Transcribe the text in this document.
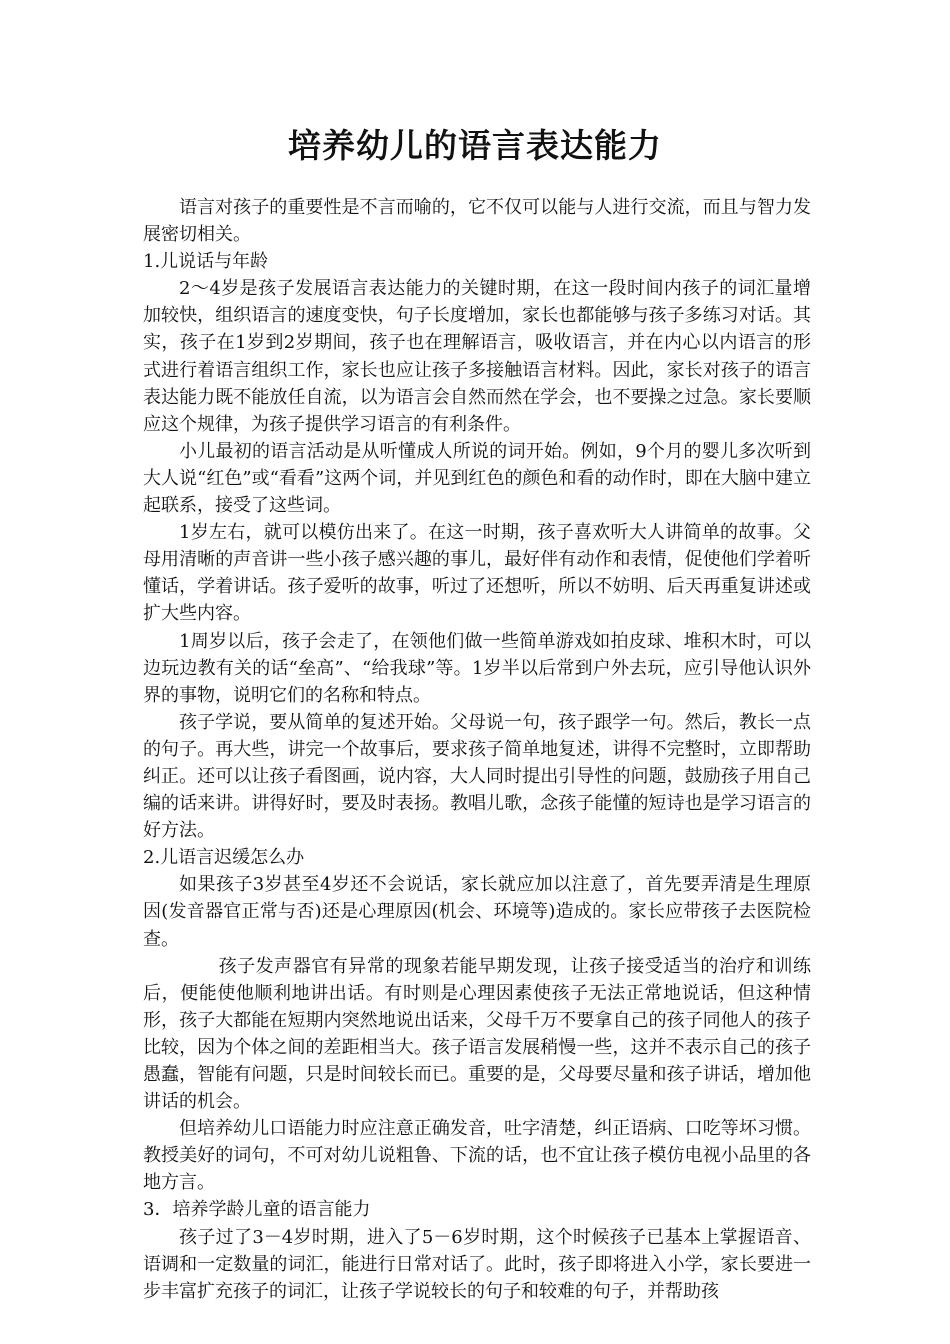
培养幼儿的语言表达能力

语言对孩子的重要性是不言而喻的，它不仅可以能与人进行交流，而且与智力发展密切相关。

1.儿说话与年龄

2～4岁是孩子发展语言表达能力的关键时期，在这一段时间内孩子的词汇量增加较快，组织语言的速度变快，句子长度增加，家长也都能够与孩子多练习对话。其实，孩子在1岁到2岁期间，孩子也在理解语言，吸收语言，并在内心以内语言的形式进行着语言组织工作，家长也应让孩子多接触语言材料。因此，家长对孩子的语言表达能力既不能放任自流，以为语言会自然而然在学会，也不要操之过急。家长要顺应这个规律，为孩子提供学习语言的有利条件。

小儿最初的语言活动是从听懂成人所说的词开始。例如，9个月的婴儿多次听到大人说“红色”或“看看”这两个词，并见到红色的颜色和看的动作时，即在大脑中建立起联系，接受了这些词。

1岁左右，就可以模仿出来了。在这一时期，孩子喜欢听大人讲简单的故事。父母用清晰的声音讲一些小孩子感兴趣的事儿，最好伴有动作和表情，促使他们学着听懂话，学着讲话。孩子爱听的故事，听过了还想听，所以不妨明、后天再重复讲述或扩大些内容。

1周岁以后，孩子会走了，在领他们做一些简单游戏如拍皮球、堆积木时，可以边玩边教有关的话“垒高”、“给我球”等。1岁半以后常到户外去玩，应引导他认识外界的事物，说明它们的名称和特点。

孩子学说，要从简单的复述开始。父母说一句，孩子跟学一句。然后，教长一点的句子。再大些，讲完一个故事后，要求孩子简单地复述，讲得不完整时，立即帮助纠正。还可以让孩子看图画，说内容，大人同时提出引导性的问题，鼓励孩子用自己编的话来讲。讲得好时，要及时表扬。教唱儿歌，念孩子能懂的短诗也是学习语言的好方法。

2.儿语言迟缓怎么办

如果孩子3岁甚至4岁还不会说话，家长就应加以注意了，首先要弄清是生理原因(发音器官正常与否)还是心理原因(机会、环境等)造成的。家长应带孩子去医院检查。

孩子发声器官有异常的现象若能早期发现，让孩子接受适当的治疗和训练后，便能使他顺利地讲出话。有时则是心理因素使孩子无法正常地说话，但这种情形，孩子大都能在短期内突然地说出话来，父母千万不要拿自己的孩子同他人的孩子比较，因为个体之间的差距相当大。孩子语言发展稍慢一些，这并不表示自己的孩子愚蠢，智能有问题，只是时间较长而已。重要的是，父母要尽量和孩子讲话，增加他讲话的机会。

但培养幼儿口语能力时应注意正确发音，吐字清楚，纠正语病、口吃等坏习惯。教授美好的词句，不可对幼儿说粗鲁、下流的话，也不宜让孩子模仿电视小品里的各地方言。

3．培养学龄儿童的语言能力

孩子过了3－4岁时期，进入了5－6岁时期，这个时候孩子已基本上掌握语音、语调和一定数量的词汇，能进行日常对话了。此时，孩子即将进入小学，家长要进一步丰富扩充孩子的词汇，让孩子学说较长的句子和较难的句子，并帮助孩
